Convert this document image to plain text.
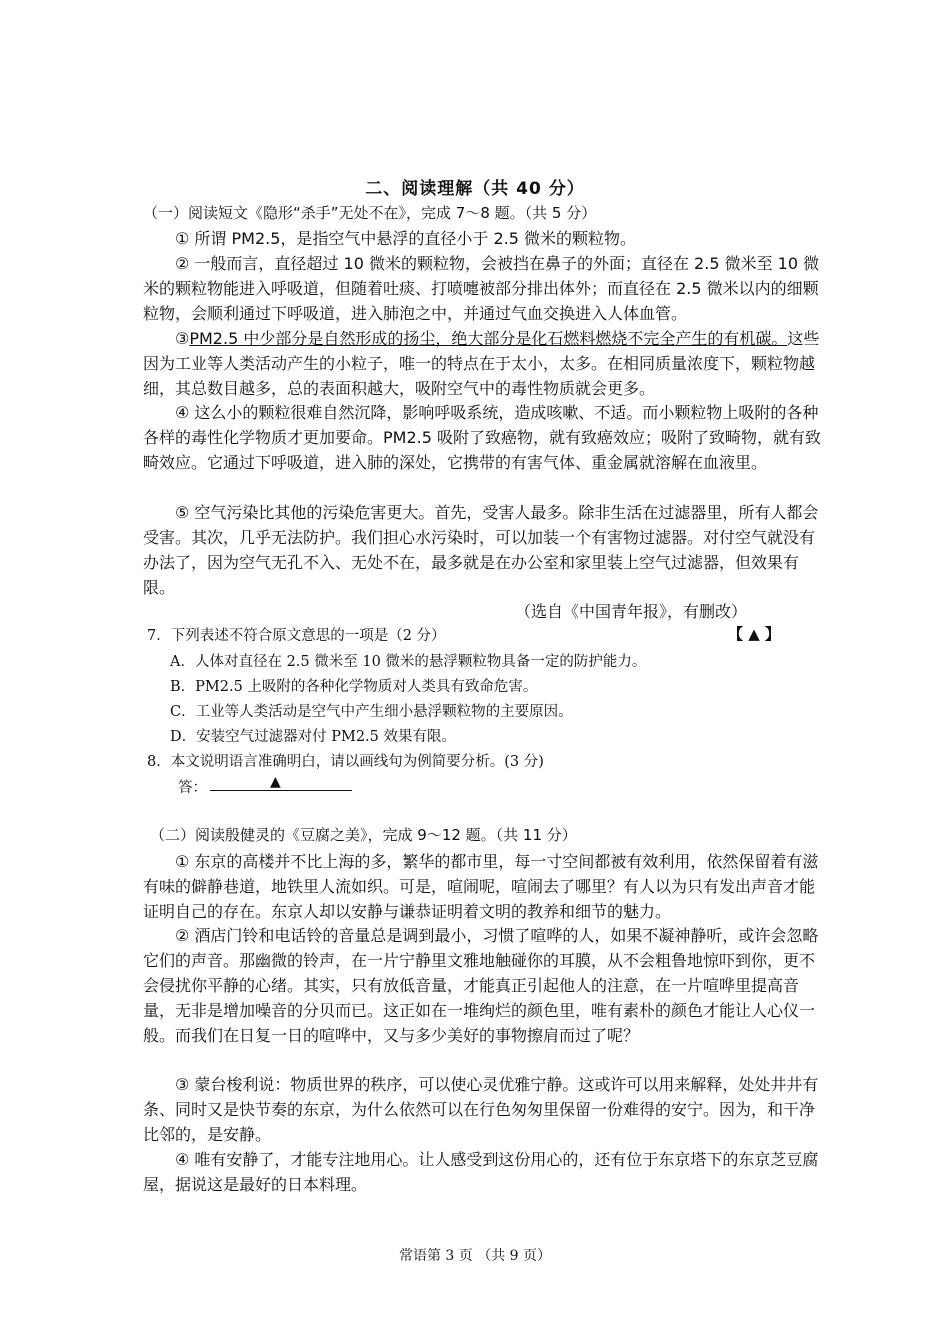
二、阅读理解（共 40 分）
（一）阅读短文《隐形“杀手”无处不在》，完成 7～8 题。（共 5 分）

① 所谓 PM2.5，是指空气中悬浮的直径小于 2.5 微米的颗粒物。

② 一般而言，直径超过 10 微米的颗粒物，会被挡在鼻子的外面；直径在 2.5 微米至 10 微米的颗粒物能进入呼吸道，但随着吐痰、打喷嚏被部分排出体外；而直径在 2.5 微米以内的细颗粒物，会顺利通过下呼吸道，进入肺泡之中，并通过气血交换进入人体血管。

③PM2.5 中少部分是自然形成的扬尘，绝大部分是化石燃料燃烧不完全产生的有机碳。这些因为工业等人类活动产生的小粒子，唯一的特点在于太小，太多。在相同质量浓度下，颗粒物越细，其总数目越多，总的表面积越大，吸附空气中的毒性物质就会更多。

④ 这么小的颗粒很难自然沉降，影响呼吸系统，造成咳嗽、不适。而小颗粒物上吸附的各种各样的毒性化学物质才更加要命。PM2.5 吸附了致癌物，就有致癌效应；吸附了致畸物，就有致畸效应。它通过下呼吸道，进入肺的深处，它携带的有害气体、重金属就溶解在血液里。

⑤ 空气污染比其他的污染危害更大。首先，受害人最多。除非生活在过滤器里，所有人都会受害。其次，几乎无法防护。我们担心水污染时，可以加装一个有害物过滤器。对付空气就没有办法了，因为空气无孔不入、无处不在，最多就是在办公室和家里装上空气过滤器，但效果有限。

（选自《中国青年报》，有删改）
7．下列表述不符合原文意思的一项是（2 分）	【 ▲ 】
A．人体对直径在 2.5 微米至 10 微米的悬浮颗粒物具备一定的防护能力。
B．PM2.5 上吸附的各种化学物质对人类具有致命危害。
C．工业等人类活动是空气中产生细小悬浮颗粒物的主要原因。
D．安装空气过滤器对付 PM2.5 效果有限。
8．本文说明语言准确明白，请以画线句为例简要分析。(3 分)
答：	▲
（二）阅读殷健灵的《豆腐之美》，完成 9～12 题。（共 11 分）

① 东京的高楼并不比上海的多，繁华的都市里，每一寸空间都被有效利用，依然保留着有滋有味的僻静巷道，地铁里人流如织。可是，喧闹呢，喧闹去了哪里？有人以为只有发出声音才能证明自己的存在。东京人却以安静与谦恭证明着文明的教养和细节的魅力。

② 酒店门铃和电话铃的音量总是调到最小，习惯了喧哗的人，如果不凝神静听，或许会忽略它们的声音。那幽微的铃声，在一片宁静里文雅地触碰你的耳膜，从不会粗鲁地惊吓到你，更不会侵扰你平静的心绪。其实，只有放低音量，才能真正引起他人的注意，在一片喧哗里提高音量，无非是增加噪音的分贝而已。这正如在一堆绚烂的颜色里，唯有素朴的颜色才能让人心仪一般。而我们在日复一日的喧哗中，又与多少美好的事物擦肩而过了呢？

③ 蒙台梭利说：物质世界的秩序，可以使心灵优雅宁静。这或许可以用来解释，处处井井有条、同时又是快节奏的东京，为什么依然可以在行色匆匆里保留一份难得的安宁。因为，和干净比邻的，是安静。

④ 唯有安静了，才能专注地用心。让人感受到这份用心的，还有位于东京塔下的东京芝豆腐屋，据说这是最好的日本料理。

常语第 3 页 （共 9 页）
